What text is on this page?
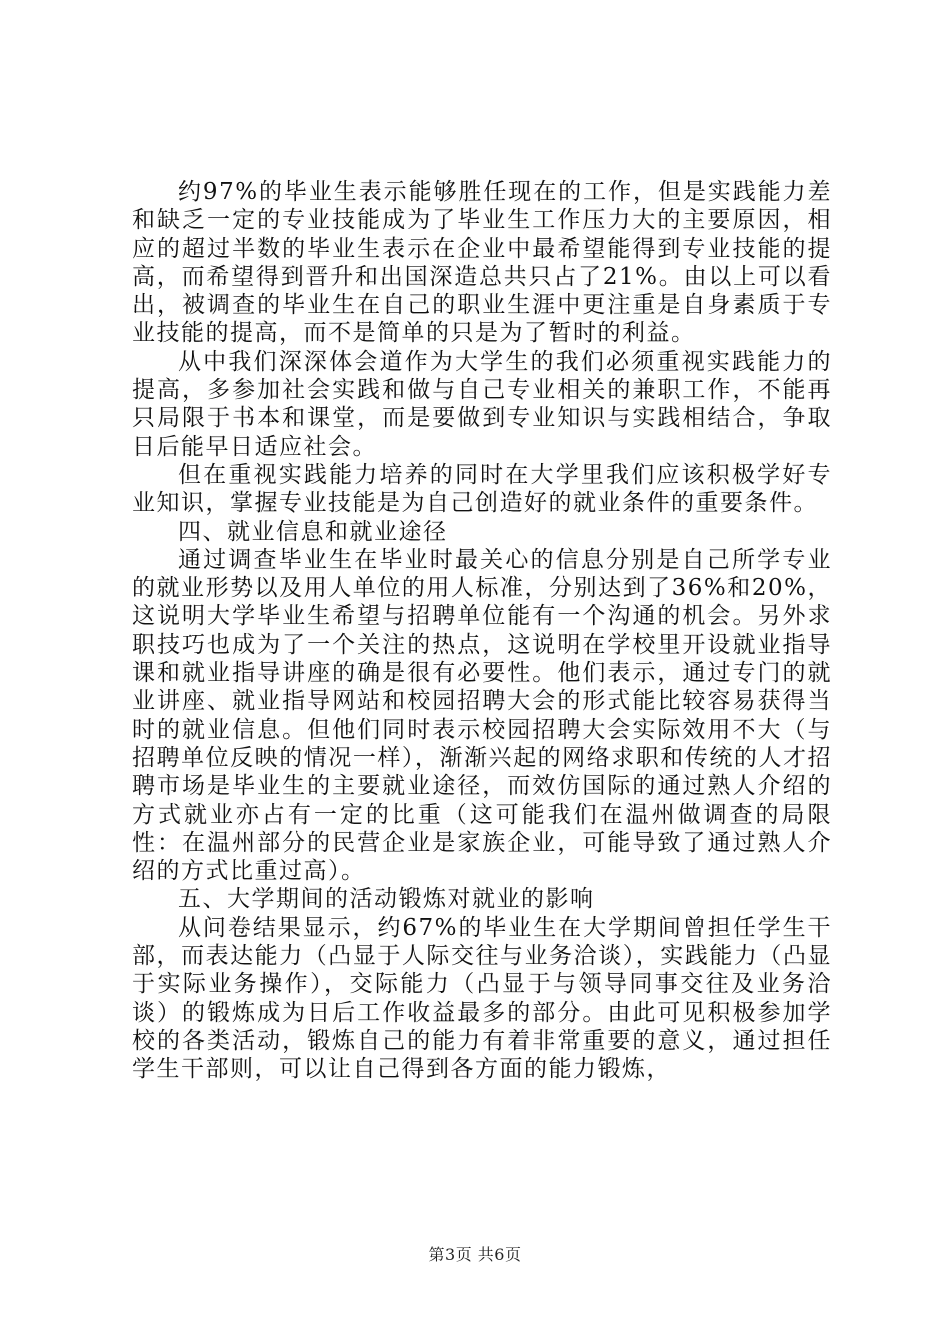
约97%的毕业生表示能够胜任现在的工作，但是实践能力差和缺乏一定的专业技能成为了毕业生工作压力大的主要原因，相应的超过半数的毕业生表示在企业中最希望能得到专业技能的提高，而希望得到晋升和出国深造总共只占了21%。由以上可以看出，被调查的毕业生在自己的职业生涯中更注重是自身素质于专业技能的提高，而不是简单的只是为了暂时的利益。

从中我们深深体会道作为大学生的我们必须重视实践能力的提高，多参加社会实践和做与自己专业相关的兼职工作，不能再只局限于书本和课堂，而是要做到专业知识与实践相结合，争取日后能早日适应社会。

但在重视实践能力培养的同时在大学里我们应该积极学好专业知识，掌握专业技能是为自己创造好的就业条件的重要条件。

四、就业信息和就业途径

通过调查毕业生在毕业时最关心的信息分别是自己所学专业的就业形势以及用人单位的用人标准，分别达到了36%和20%，这说明大学毕业生希望与招聘单位能有一个沟通的机会。另外求职技巧也成为了一个关注的热点，这说明在学校里开设就业指导课和就业指导讲座的确是很有必要性。他们表示，通过专门的就业讲座、就业指导网站和校园招聘大会的形式能比较容易获得当时的就业信息。但他们同时表示校园招聘大会实际效用不大（与招聘单位反映的情况一样），渐渐兴起的网络求职和传统的人才招聘市场是毕业生的主要就业途径，而效仿国际的通过熟人介绍的方式就业亦占有一定的比重（这可能我们在温州做调查的局限性：在温州部分的民营企业是家族企业，可能导致了通过熟人介绍的方式比重过高）。

五、大学期间的活动锻炼对就业的影响

从问卷结果显示，约67%的毕业生在大学期间曾担任学生干部，而表达能力（凸显于人际交往与业务洽谈），实践能力（凸显于实际业务操作），交际能力（凸显于与领导同事交往及业务洽谈）的锻炼成为日后工作收益最多的部分。由此可见积极参加学校的各类活动，锻炼自己的能力有着非常重要的意义，通过担任学生干部则，可以让自己得到各方面的能力锻炼，

第3页 共6页
